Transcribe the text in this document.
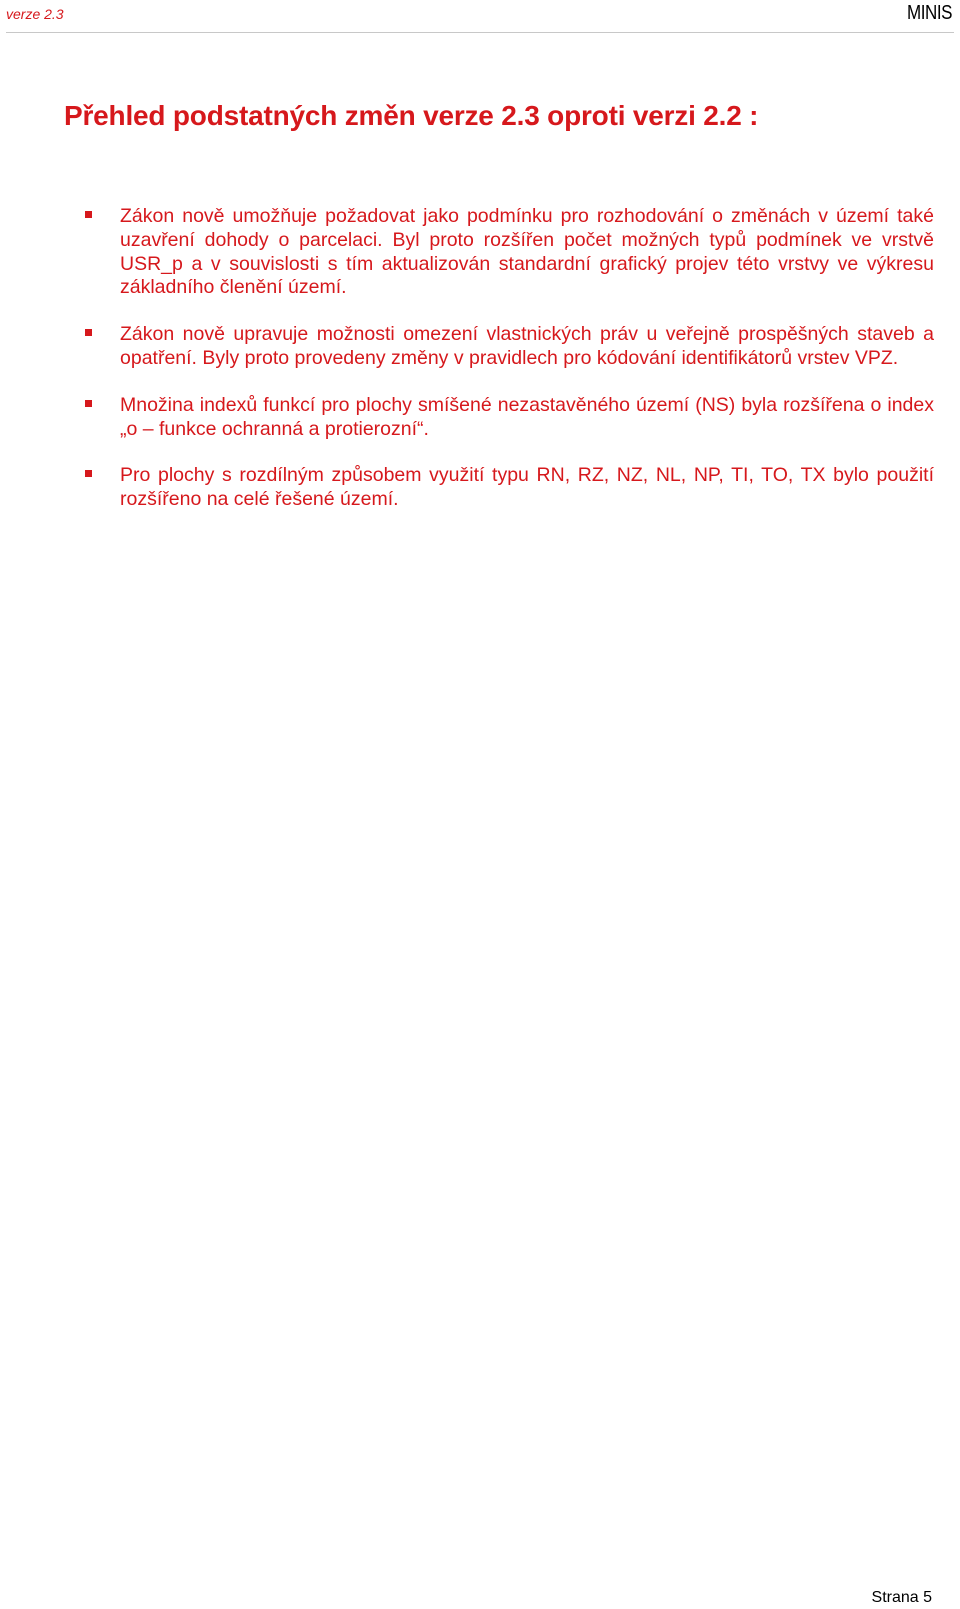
verze 2.3	MINIS
Přehled podstatných změn verze 2.3 oproti verzi 2.2 :
Zákon nově umožňuje požadovat jako podmínku pro rozhodování o změnách v území také uzavření dohody o parcelaci. Byl proto rozšířen počet možných typů podmínek ve vrstvě USR_p a v souvislosti s tím aktualizován standardní grafický projev této vrstvy ve výkresu základního členění území.
Zákon nově upravuje možnosti omezení vlastnických práv u veřejně prospěšných staveb a opatření. Byly proto provedeny změny v pravidlech pro kódování identifikátorů vrstev VPZ.
Množina indexů funkcí pro plochy smíšené nezastavěného území (NS) byla rozšířena o index „o – funkce ochranná a protierozní“.
Pro plochy s rozdílným způsobem využití typu RN, RZ, NZ, NL, NP, TI, TO, TX bylo použití rozšířeno na celé řešené území.
Strana 5
